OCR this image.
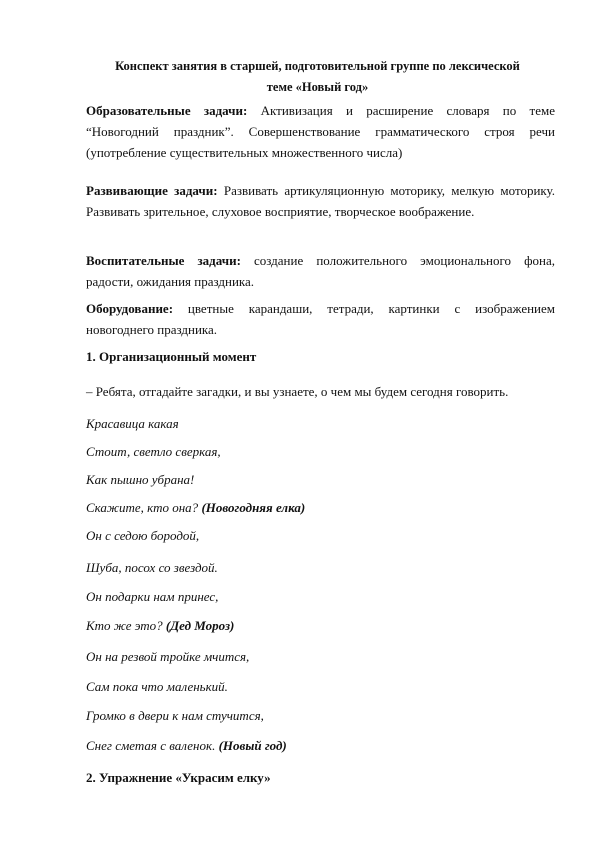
Конспект занятия в старшей, подготовительной группе по лексической
теме «Новый год»
Образовательные задачи: Активизация и расширение словаря по теме “Новогодний праздник”. Совершенствование грамматического строя речи (употребление существительных множественного числа)
Развивающие задачи: Развивать артикуляционную моторику, мелкую моторику. Развивать зрительное, слуховое восприятие, творческое воображение.
Воспитательные задачи: создание положительного эмоционального фона, радости, ожидания праздника.
Оборудование: цветные карандаши, тетради, картинки с изображением новогоднего праздника.
1. Организационный момент
– Ребята, отгадайте загадки, и вы узнаете, о чем мы будем сегодня говорить.
Красавица какая
Стоит, светло сверкая,
Как пышно убрана!
Скажите, кто она? (Новогодняя елка)
Он с седою бородой,
Шуба, посох со звездой.
Он подарки нам принес,
Кто же это? (Дед Мороз)
Он на резвой тройке мчится,
Сам пока что маленький.
Громко в двери к нам стучится,
Снег сметая с валенок. (Новый год)
2. Упражнение «Украсим елку»
